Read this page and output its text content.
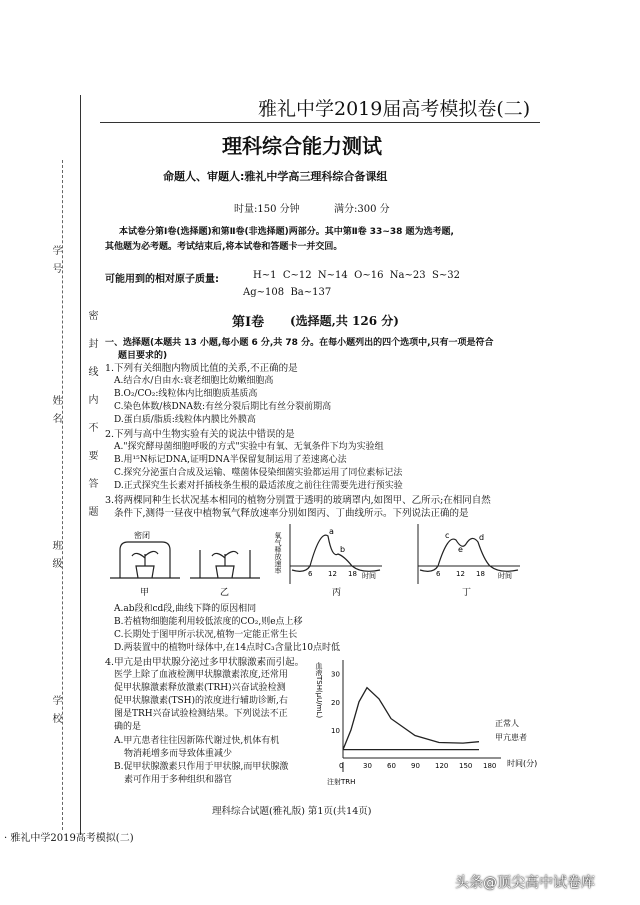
学号
姓名
班级
学校
密封线内不要答题
雅礼中学2019届高考模拟卷(二)
理科综合能力测试
命题人、审题人:雅礼中学高三理科综合备课组
时量:150 分钟	满分:300 分
本试卷分第Ⅰ卷(选择题)和第Ⅱ卷(非选择题)两部分。其中第Ⅱ卷 33~38 题为选考题,
其他题为必考题。考试结束后,将本试卷和答题卡一并交回。
可能用到的相对原子质量:	H~1  C~12  N~14  O~16  Na~23  S~32
Ag~108  Ba~137
第Ⅰ卷 (选择题,共 126 分)
一、选择题(本题共 13 小题,每小题 6 分,共 78 分。在每小题列出的四个选项中,只有一项是符合
题目要求的)
1.下列有关细胞内物质比值的关系,不正确的是
A.结合水/自由水:衰老细胞比幼嫩细胞高
B.O₂/CO₂:线粒体内比细胞质基质高
C.染色体数/核DNA数:有丝分裂后期比有丝分裂前期高
D.蛋白质/脂质:线粒体内膜比外膜高
2.下列与高中生物实验有关的说法中错误的是
A."探究酵母菌细胞呼吸的方式"实验中有氧、无氧条件下均为实验组
B.用¹⁵N标记DNA,证明DNA半保留复制运用了差速离心法
C.探究分泌蛋白合成及运输、噬菌体侵染细菌实验都运用了同位素标记法
D.正式探究生长素对扦插枝条生根的最适浓度之前往往需要先进行预实验
3.将两棵同种生长状况基本相同的植物分别置于透明的玻璃罩内,如图甲、乙所示;在相同自然
条件下,测得一昼夜中植物氧气释放速率分别如图丙、丁曲线所示。下列说法正确的是
密闭
甲	乙
氧气释放速率
a
b
6 12 18 时间
丙
c
e
d
6 12 18 时间
丁
A.ab段和cd段,曲线下降的原因相同
B.若植物细胞能利用较低浓度的CO₂,则e点上移
C.长期处于图甲所示状况,植物一定能正常生长
D.两装置中的植物叶绿体中,在14点时C₃含量比10点时低
4.甲亢是由甲状腺分泌过多甲状腺激素而引起。
医学上除了血液检测甲状腺激素浓度,还常用
促甲状腺激素释放激素(TRH)兴奋试验检测
促甲状腺激素(TSH)的浓度进行辅助诊断,右
图是TRH兴奋试验检测结果。下列说法不正
确的是
A.甲亢患者往往因新陈代谢过快,机体有机
物消耗增多而导致体重减少
B.促甲状腺激素只作用于甲状腺,而甲状腺激
素可作用于多种组织和器官
血液TSH(μU/mL)
0	30 60 90 120 150 180
10
20
30
时间(分)
注射TRH
正常人
甲亢患者
理科综合试题(雅礼版) 第1页(共14页)
· 雅礼中学2019高考模拟(二)
头条@顶尖高中试卷库
